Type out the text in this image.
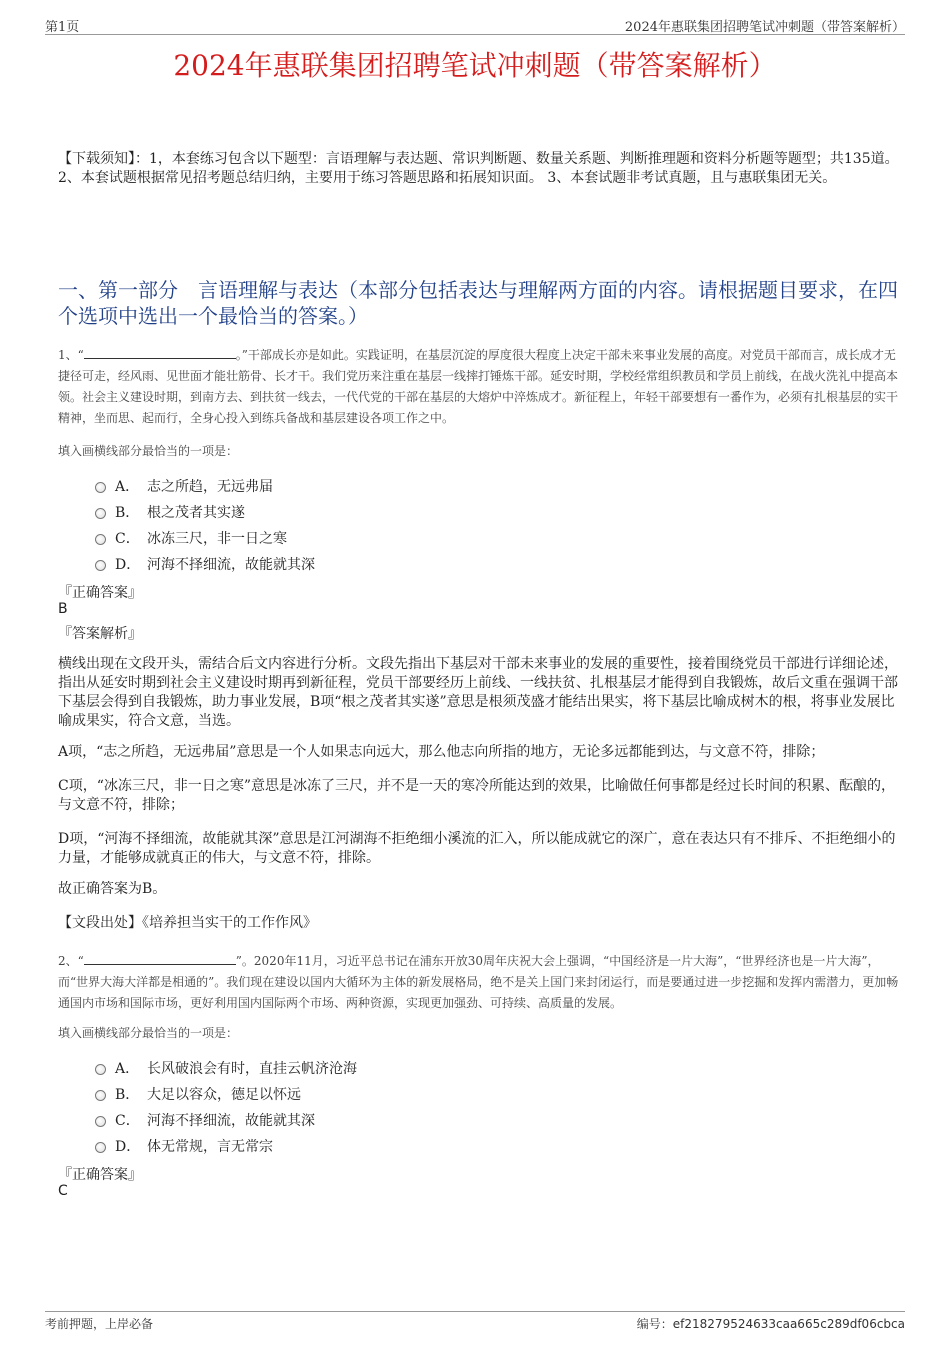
第1页	2024年惠联集团招聘笔试冲刺题（带答案解析）
2024年惠联集团招聘笔试冲刺题（带答案解析）
【下载须知】：1，本套练习包含以下题型：言语理解与表达题、常识判断题、数量关系题、判断推理题和资料分析题等题型；共135道。 2、本套试题根据常见招考题总结归纳，主要用于练习答题思路和拓展知识面。 3、本套试题非考试真题，且与惠联集团无关。
一、第一部分　言语理解与表达（本部分包括表达与理解两方面的内容。请根据题目要求，在四个选项中选出一个最恰当的答案。）
1、“	。”干部成长亦是如此。实践证明，在基层沉淀的厚度很大程度上决定干部未来事业发展的高度。对党员干部而言，成长成才无捷径可走，经风雨、见世面才能壮筋骨、长才干。我们党历来注重在基层一线摔打锤炼干部。延安时期，学校经常组织教员和学员上前线，在战火洗礼中提高本领。社会主义建设时期，到南方去、到扶贫一线去，一代代党的干部在基层的大熔炉中淬炼成才。新征程上，年轻干部要想有一番作为，必须有扎根基层的实干精神，坐而思、起而行，全身心投入到练兵备战和基层建设各项工作之中。
填入画横线部分最恰当的一项是：
A． 志之所趋，无远弗届
B． 根之茂者其实遂
C． 冰冻三尺，非一日之寒
D． 河海不择细流，故能就其深
『正确答案』
B
『答案解析』
横线出现在文段开头，需结合后文内容进行分析。文段先指出下基层对干部未来事业的发展的重要性，接着围绕党员干部进行详细论述，指出从延安时期到社会主义建设时期再到新征程，党员干部要经历上前线、一线扶贫、扎根基层才能得到自我锻炼，故后文重在强调干部下基层会得到自我锻炼，助力事业发展，B项“根之茂者其实遂”意思是根须茂盛才能结出果实，将下基层比喻成树木的根，将事业发展比喻成果实，符合文意，当选。
A项，“志之所趋，无远弗届”意思是一个人如果志向远大，那么他志向所指的地方，无论多远都能到达，与文意不符，排除；
C项，“冰冻三尺，非一日之寒”意思是冰冻了三尺，并不是一天的寒冷所能达到的效果，比喻做任何事都是经过长时间的积累、酝酿的，与文意不符，排除；
D项，“河海不择细流，故能就其深”意思是江河湖海不拒绝细小溪流的汇入，所以能成就它的深广，意在表达只有不排斥、不拒绝细小的力量，才能够成就真正的伟大，与文意不符，排除。
故正确答案为B。
【文段出处】《培养担当实干的工作作风》
2、“	”。2020年11月，习近平总书记在浦东开放30周年庆祝大会上强调，“中国经济是一片大海”，“世界经济也是一片大海”，而“世界大海大洋都是相通的”。我们现在建设以国内大循环为主体的新发展格局，绝不是关上国门来封闭运行，而是要通过进一步挖掘和发挥内需潜力，更加畅通国内市场和国际市场，更好利用国内国际两个市场、两种资源，实现更加强劲、可持续、高质量的发展。
填入画横线部分最恰当的一项是：
A． 长风破浪会有时，直挂云帆济沧海
B． 大足以容众，德足以怀远
C． 河海不择细流，故能就其深
D． 体无常规，言无常宗
『正确答案』
C
考前押题，上岸必备	编号：ef218279524633caa665c289df06cbca
